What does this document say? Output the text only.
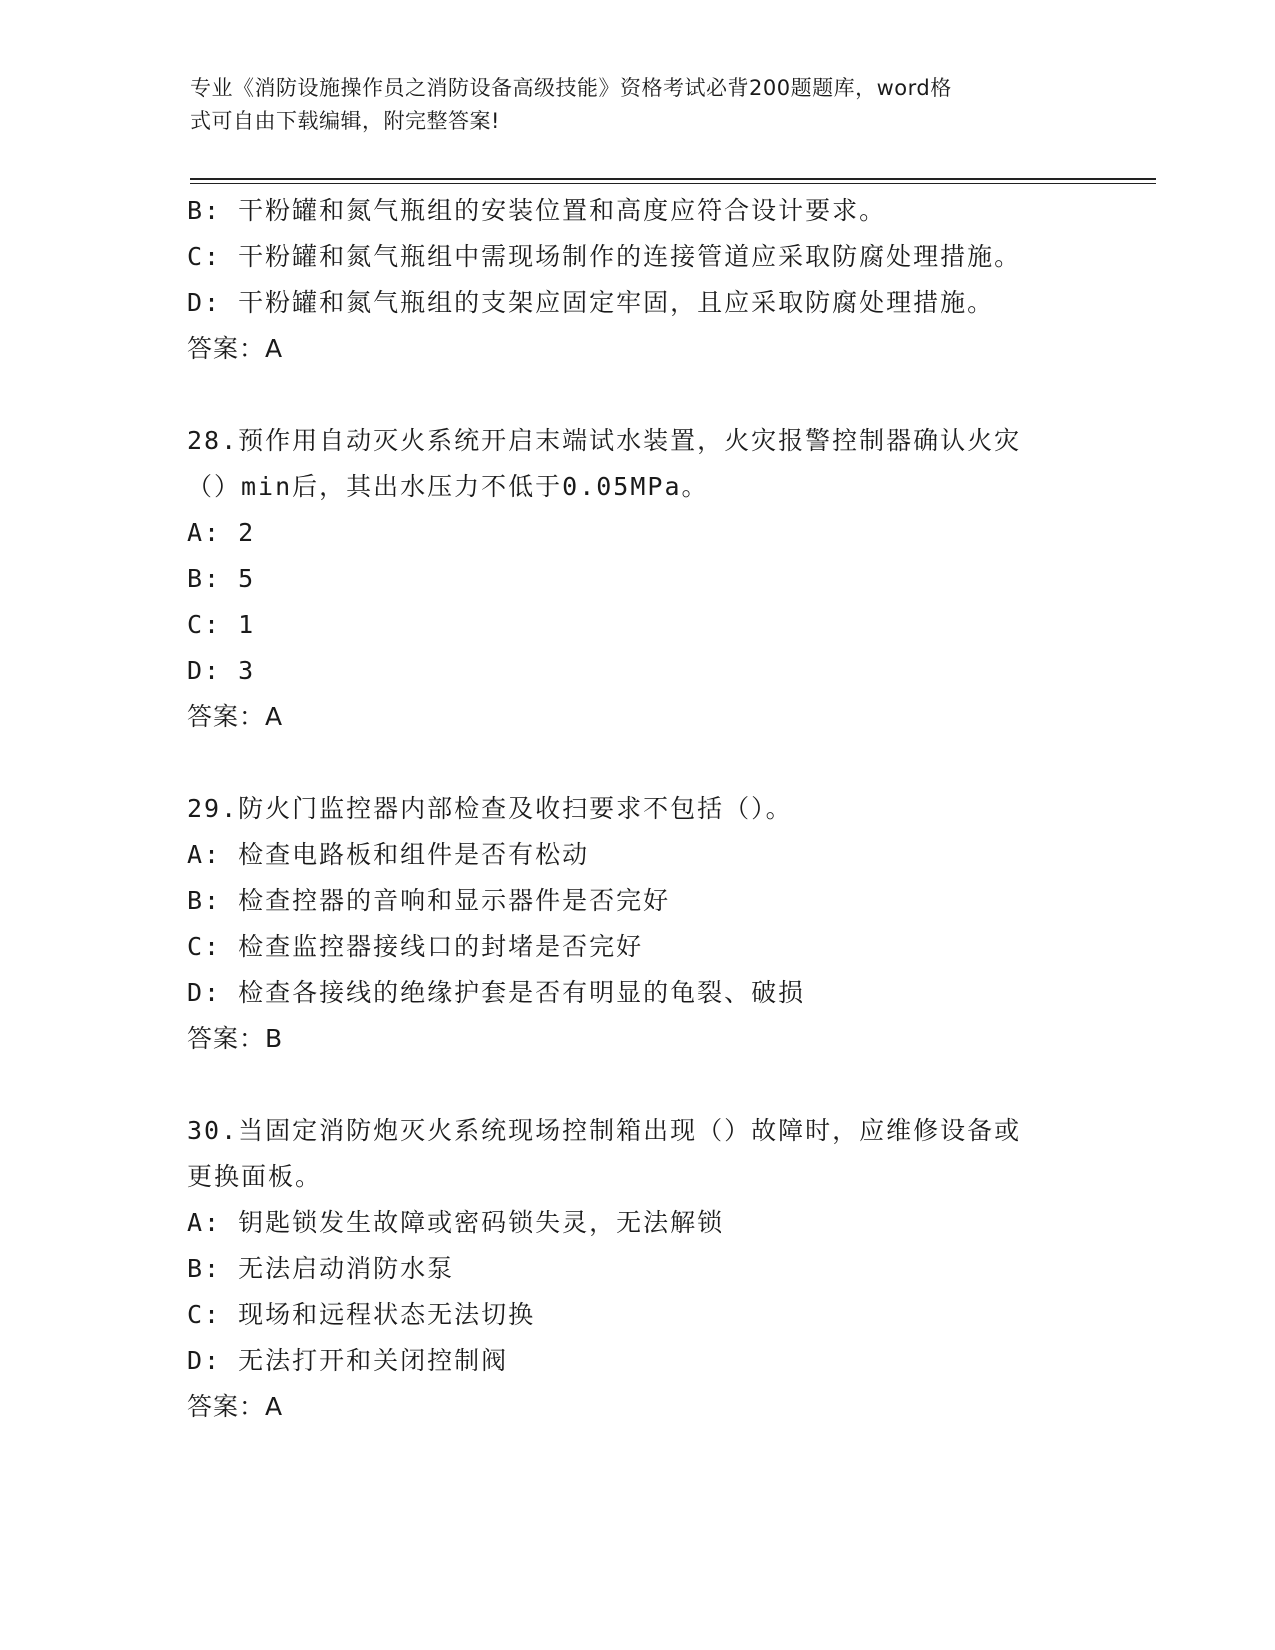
专业《消防设施操作员之消防设备高级技能》资格考试必背200题题库，word格
式可自由下载编辑，附完整答案!
B: 干粉罐和氮气瓶组的安装位置和高度应符合设计要求。
C: 干粉罐和氮气瓶组中需现场制作的连接管道应采取防腐处理措施。
D: 干粉罐和氮气瓶组的支架应固定牢固，且应采取防腐处理措施。
答案：A
28.预作用自动灭火系统开启末端试水装置，火灾报警控制器确认火灾
（）min后，其出水压力不低于0.05MPa。
A: 2
B: 5
C: 1
D: 3
答案：A
29.防火门监控器内部检查及收扫要求不包括（）。
A: 检查电路板和组件是否有松动
B: 检查控器的音响和显示器件是否完好
C: 检查监控器接线口的封堵是否完好
D: 检查各接线的绝缘护套是否有明显的龟裂、破损
答案：B
30.当固定消防炮灭火系统现场控制箱出现（）故障时，应维修设备或
更换面板。
A: 钥匙锁发生故障或密码锁失灵，无法解锁
B: 无法启动消防水泵
C: 现场和远程状态无法切换
D: 无法打开和关闭控制阀
答案：A
